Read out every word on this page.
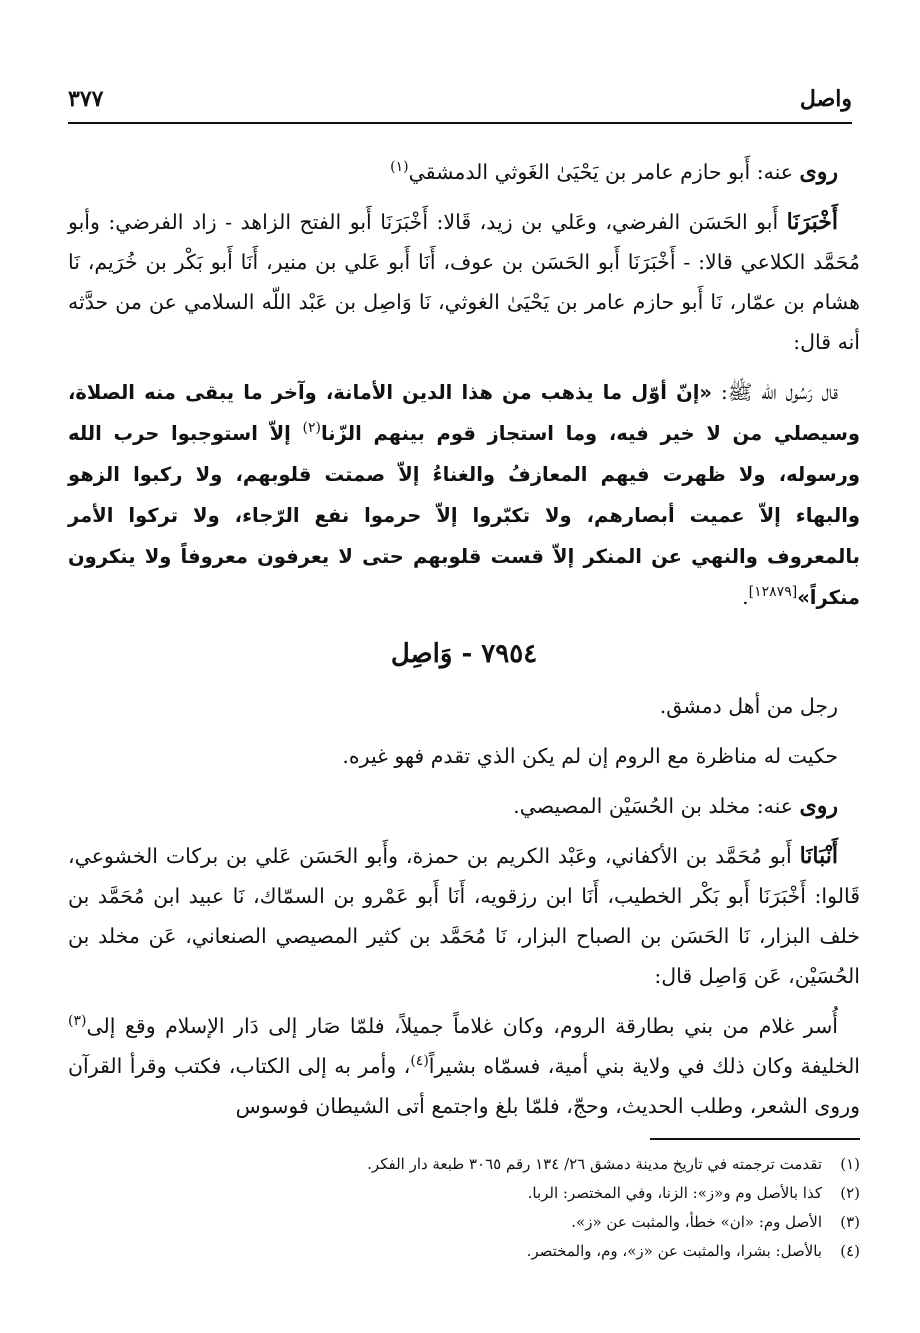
واصل
٣٧٧

روى عنه: أَبو حازم عامر بن يَحْيَىٰ الغَوثي الدمشقي$^{(١)}$

أَخْبَرَنَا أَبو الحَسَن الفرضي، وعَلي بن زيد، قَالا: أَخْبَرَنَا أَبو الفتح الزاهد - زاد الفرضي: وأبو مُحَمَّد الكلاعي قالا: - أَخْبَرَنَا أَبو الحَسَن بن عوف، أَنَا أَبو عَلي بن منير، أَنَا أَبو بَكْر بن خُرَيم، نَا هشام بن عمّار، نَا أَبو حازم عامر بن يَحْيَىٰ الغوثي، نَا وَاصِل بن عَبْد اللّه السلامي عن من حدَّثه أنه قال:

قال رَسُول اللّه ﷺ: «إنّ أوّل ما يذهب من هذا الدين الأمانة، وآخر ما يبقى منه الصلاة، وسيصلي من لا خير فيه، وما استجاز قوم بينهم الزّنا$^{(٢)}$ إلاّ استوجبوا حرب الله ورسوله، ولا ظهرت فيهم المعازفُ والغناءُ إلاّ صمتت قلوبهم، ولا ركبوا الزهو والبهاء إلاّ عميت أبصارهم، ولا تكبّروا إلاّ حرموا نفع الرّجاء، ولا تركوا الأمر بالمعروف والنهي عن المنكر إلاّ قست قلوبهم حتى لا يعرفون معروفاً ولا ينكرون منكراً»[١٢٨٧٩].

٧٩٥٤ - وَاصِل

رجل من أهل دمشق.

حكيت له مناظرة مع الروم إن لم يكن الذي تقدم فهو غيره.

روى عنه: مخلد بن الحُسَيْن المصيصي.

أَنْبَانَا أَبو مُحَمَّد بن الأكفاني، وعَبْد الكريم بن حمزة، وأَبو الحَسَن عَلي بن بركات الخشوعي، قَالوا: أَخْبَرَنَا أَبو بَكْر الخطيب، أَنَا ابن رزقويه، أَنَا أَبو عَمْرو بن السمّاك، نَا عبيد ابن مُحَمَّد بن خلف البزار، نَا الحَسَن بن الصباح البزار، نَا مُحَمَّد بن كثير المصيصي الصنعاني، عَن مخلد بن الحُسَيْن، عَن وَاصِل قال:

أُسر غلام من بني بطارقة الروم، وكان غلاماً جميلاً، فلمّا صَار إلى دَار الإسلام وقع إلى$^{(٣)}$ الخليفة وكان ذلك في ولاية بني أمية، فسمّاه بشيراً$^{(٤)}$، وأمر به إلى الكتاب، فكتب وقرأ القرآن وروى الشعر، وطلب الحديث، وحجّ، فلمّا بلغ واجتمع أتى الشيطان فوسوس

(١)
تقدمت ترجمته في تاريخ مدينة دمشق ٢٦/ ١٣٤ رقم ٣٠٦٥ طبعة دار الفكر.
(٢)
كذا بالأصل وم و«ز»: الزنا، وفي المختصر: الربا.
(٣)
الأصل وم: «ان» خطأ، والمثبت عن «ز».
(٤)
بالأصل: بشرا، والمثبت عن «ز»، وم، والمختصر.
